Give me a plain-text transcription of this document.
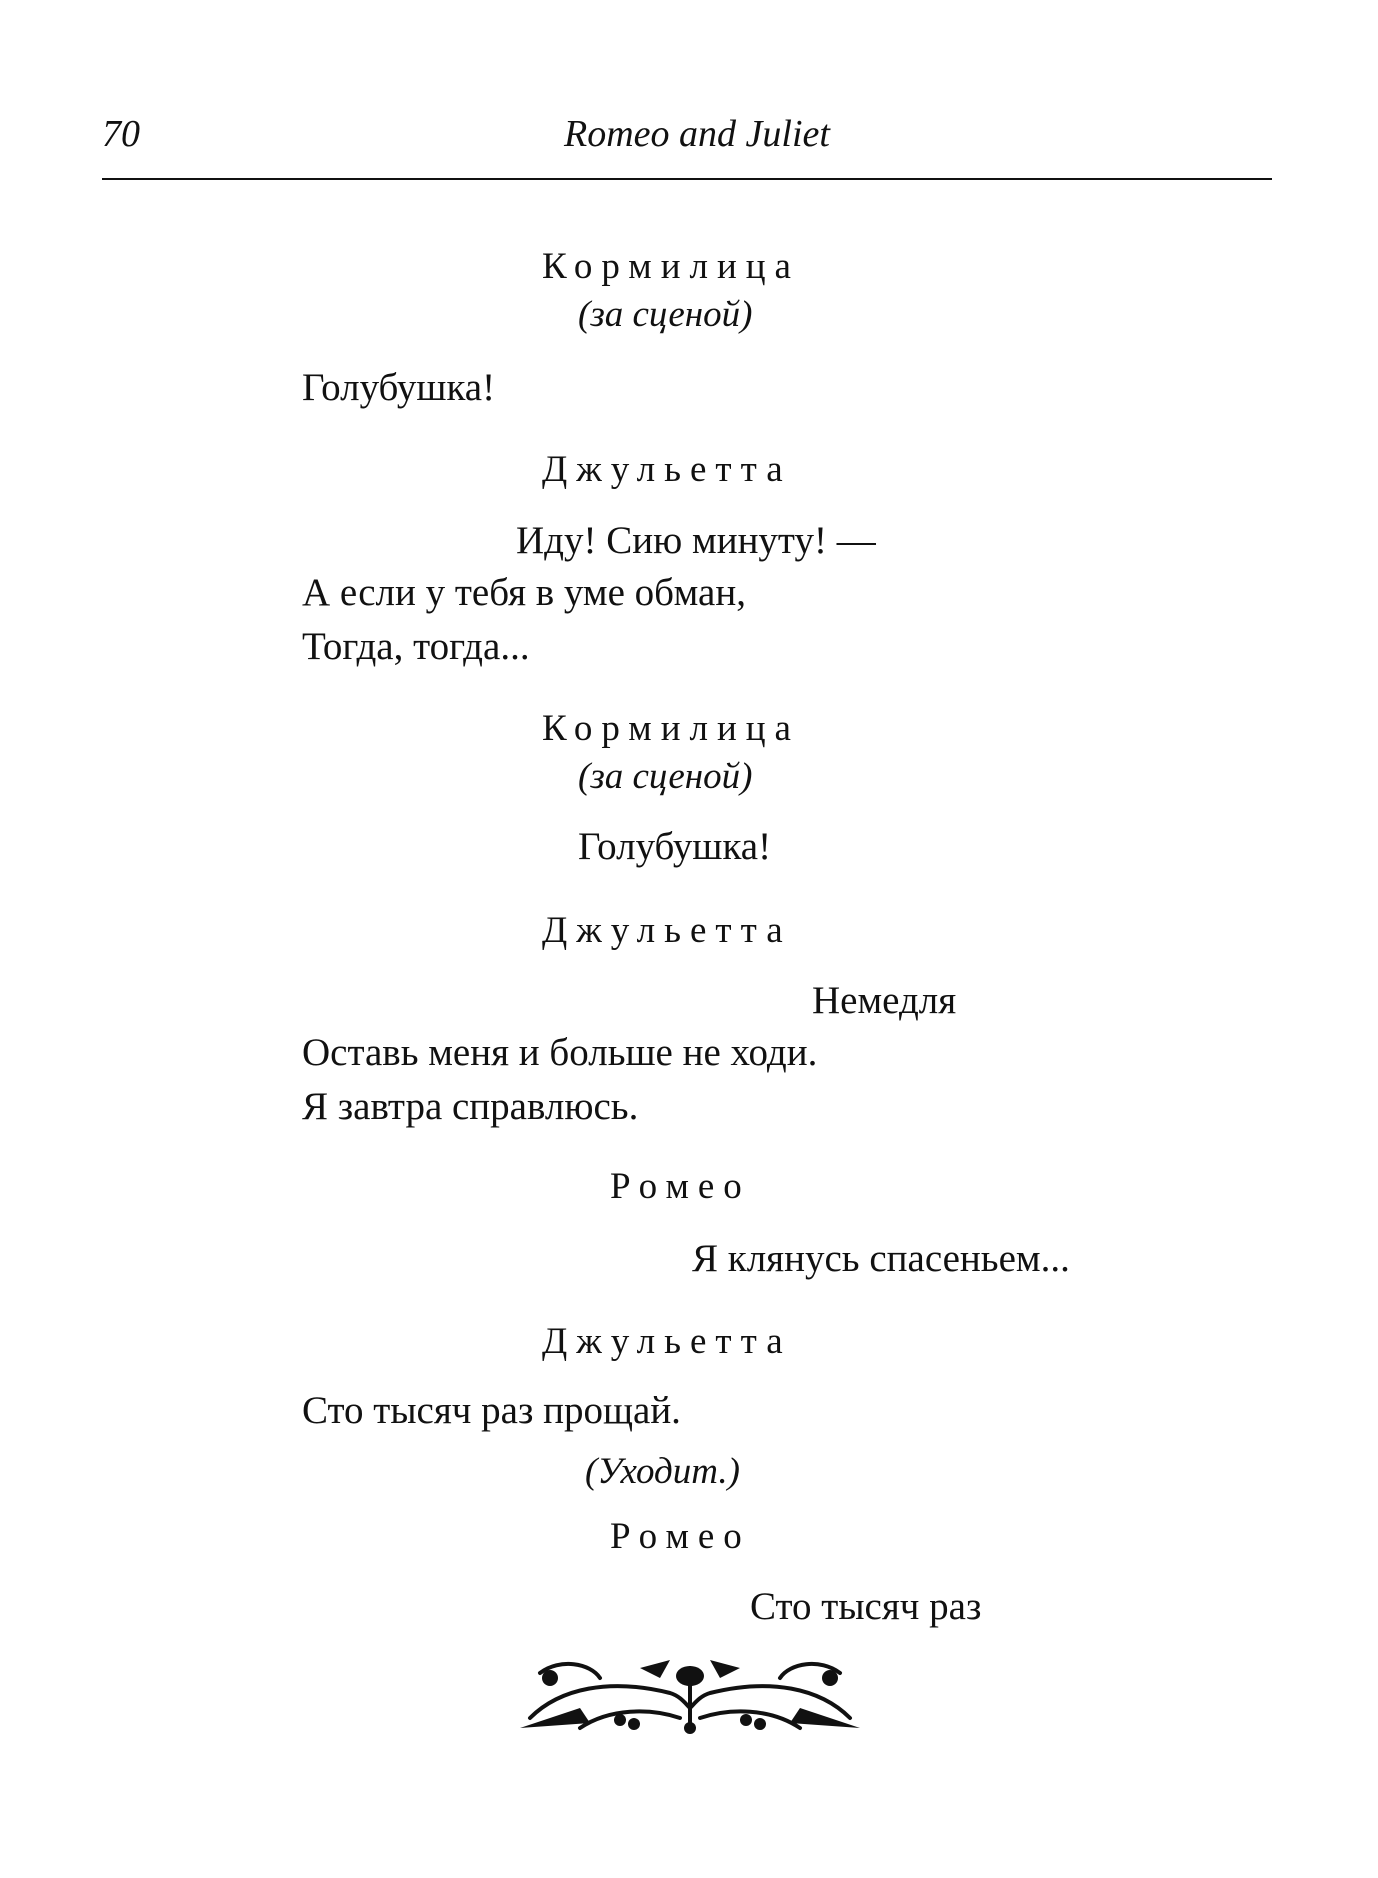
70	Romeo and Juliet
Кормилица
(за сценой)
Голубушка!
Джульетта
Иду! Сию минуту! —
А если у тебя в уме обман,
Тогда, тогда...
Кормилица
(за сценой)
Голубушка!
Джульетта
Немедля
Оставь меня и больше не ходи.
Я завтра справлюсь.
Ромео
Я клянусь спасеньем...
Джульетта
Сто тысяч раз прощай.
(Уходит.)
Ромео
Сто тысяч раз
